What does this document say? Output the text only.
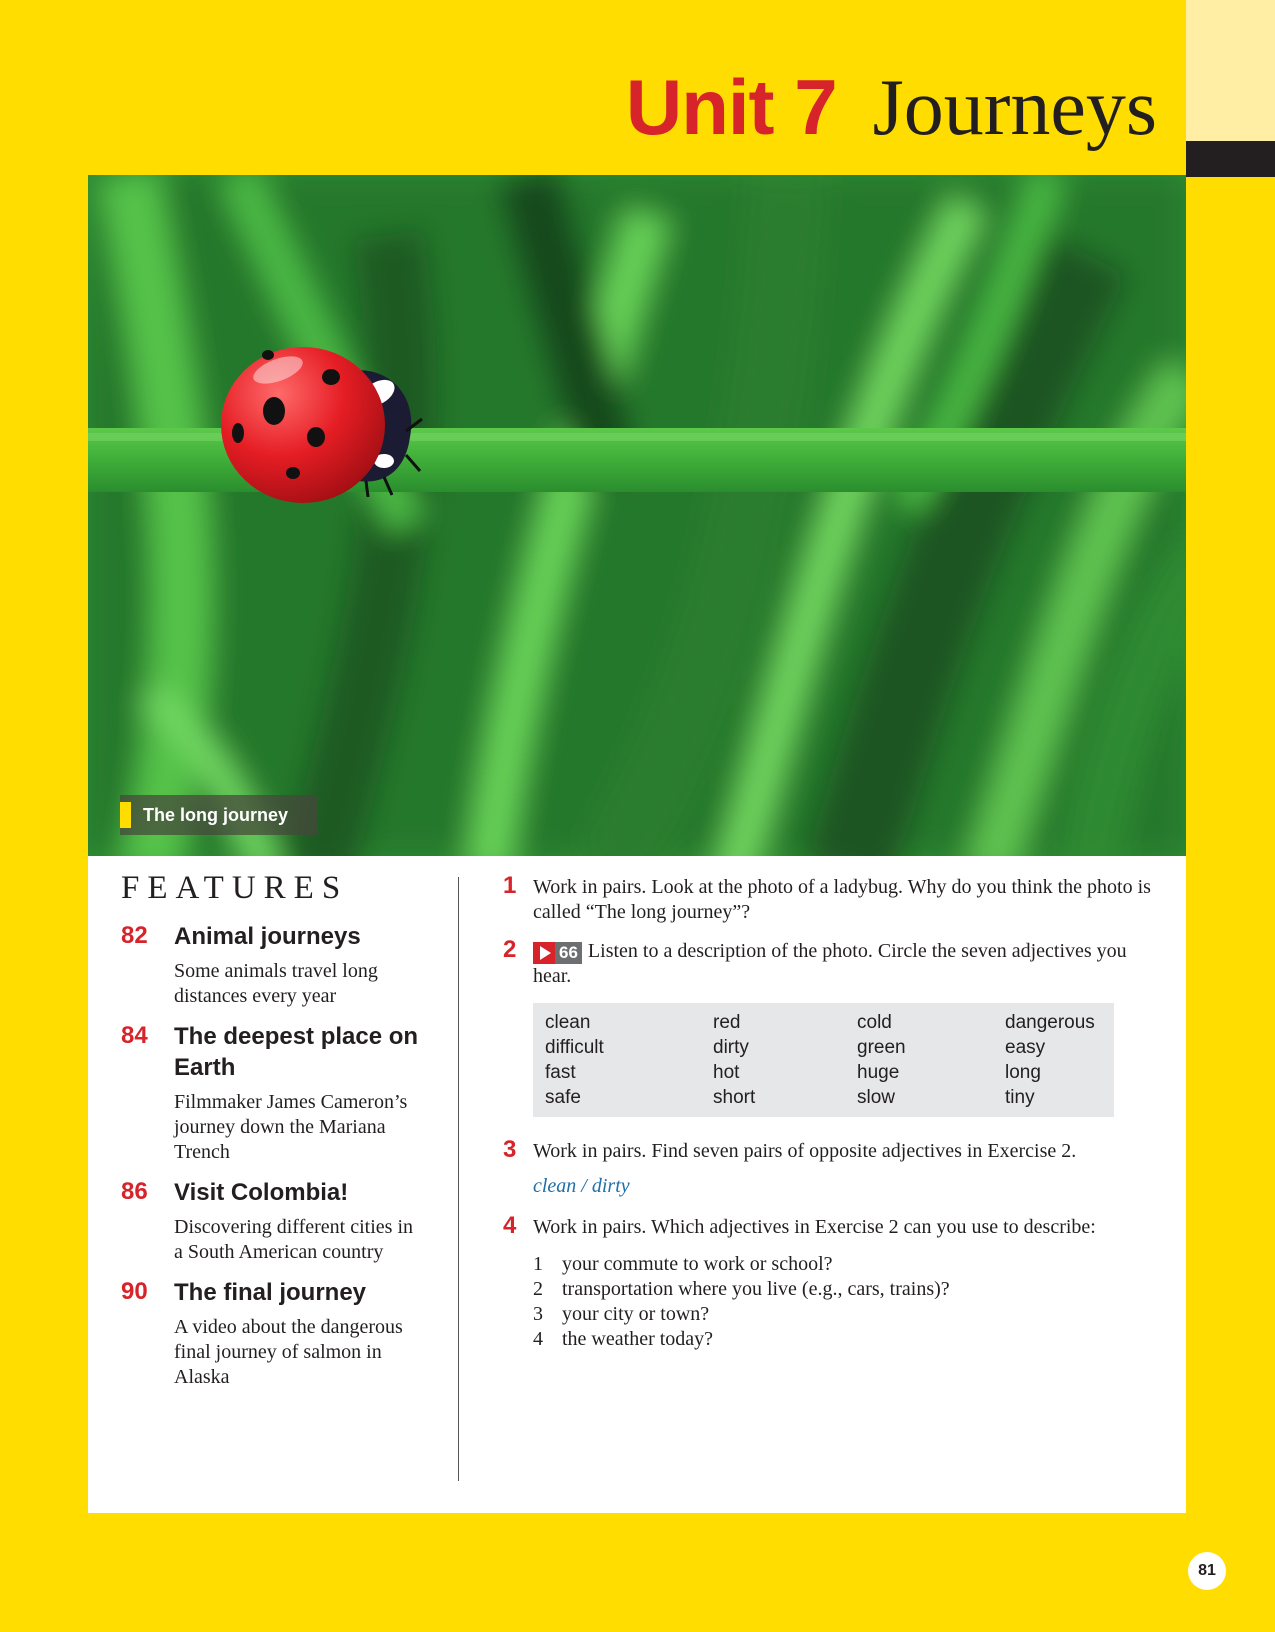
Unit 7 Journeys
The long journey
FEATURES
82 Animal journeys
Some animals travel long distances every year
84 The deepest place on Earth
Filmmaker James Cameron’s journey down the Mariana Trench
86 Visit Colombia!
Discovering different cities in a South American country
90 The final journey
A video about the dangerous final journey of salmon in Alaska
1 Work in pairs. Look at the photo of a ladybug. Why do you think the photo is called “The long journey”?
2	66 Listen to a description of the photo. Circle the seven adjectives you hear.
clean	red	cold	dangerous
difficult	dirty	green	easy
fast	hot	huge	long
safe	short	slow	tiny
3 Work in pairs. Find seven pairs of opposite adjectives in Exercise 2.
clean / dirty
4 Work in pairs. Which adjectives in Exercise 2 can you use to describe:
1 your commute to work or school?
2 transportation where you live (e.g., cars, trains)?
3 your city or town?
4 the weather today?
81
